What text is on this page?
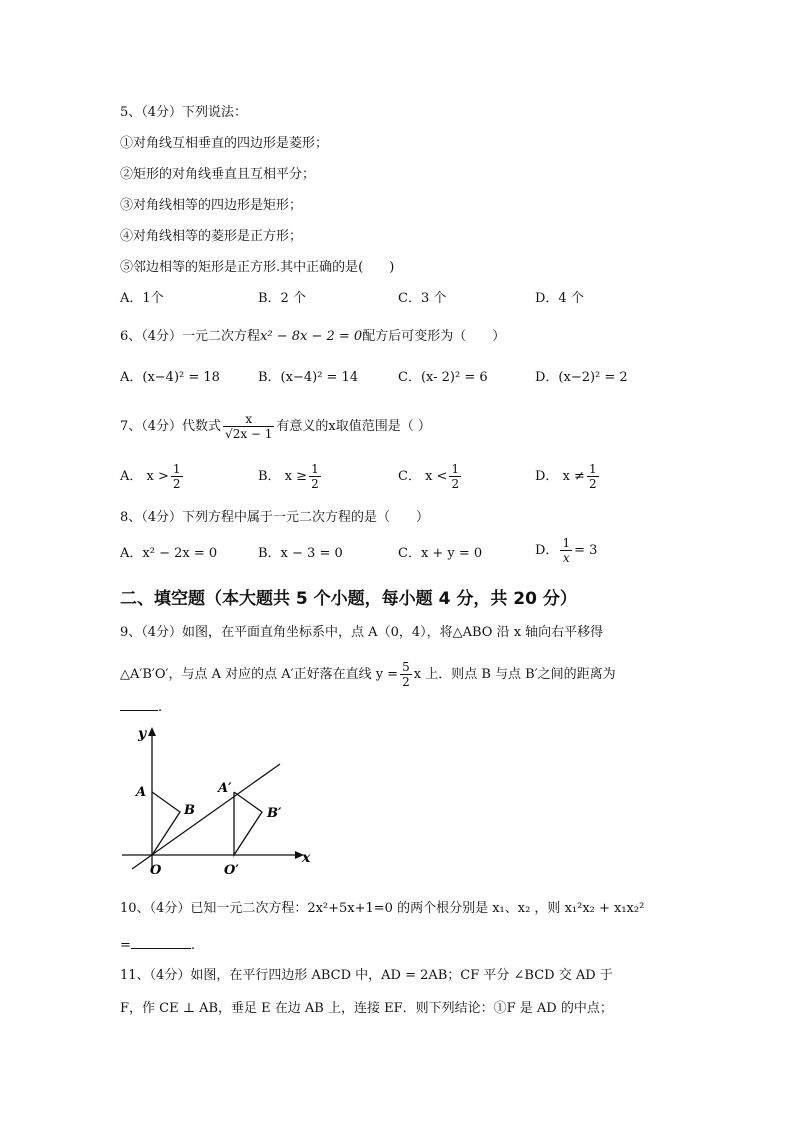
5、（4分）下列说法：
①对角线互相垂直的四边形是菱形；
②矩形的对角线垂直且互相平分；
③对角线相等的四边形是矩形；
④对角线相等的菱形是正方形；
⑤邻边相等的矩形是正方形.其中正确的是(　　)
A．1个	B．2 个	C．3 个	D．4 个
6、（4分）一元二次方程x² − 8x − 2 = 0配方后可变形为（　　）
A．(x−4)² = 18	B．(x−4)² = 14	C．(x- 2)² = 6	D．(x−2)² = 2
7、（4分）代数式 $\frac{x}{√2x - 1}$ 有意义的x取值范围是（ ）
A． $x > \frac{1}{2}$	B． $x \ge \frac{1}{2}$	C． $x < \frac{1}{2}$	D． $x \ne \frac{1}{2}$
8、（4分）下列方程中属于一元二次方程的是（　　）
A．x² − 2x = 0	B．x − 3 = 0	C．x + y = 0	D． $\frac{1}{x} = 3$
二、填空题（本大题共 5 个小题，每小题 4 分，共 20 分）
9、（4分）如图，在平面直角坐标系中，点 A（0，4），将△ABO 沿 x 轴向右平移得
△A′B′O′，与点 A 对应的点 A′正好落在直线 $y = \frac{5}{2}$ x 上．则点 B 与点 B′之间的距离为
.
y
x
A
B
O
A′
B′
O′
10、（4分）已知一元二次方程：2x²+5x+1=0 的两个根分别是 x₁、x₂ ，则 x₁²x₂ + x₁x₂²
=	.
11、（4分）如图，在平行四边形 ABCD 中，AD = 2AB；CF 平分 ∠BCD 交 AD 于
F，作 CE ⊥ AB，垂足 E 在边 AB 上，连接 EF．则下列结论：①F 是 AD 的中点；
